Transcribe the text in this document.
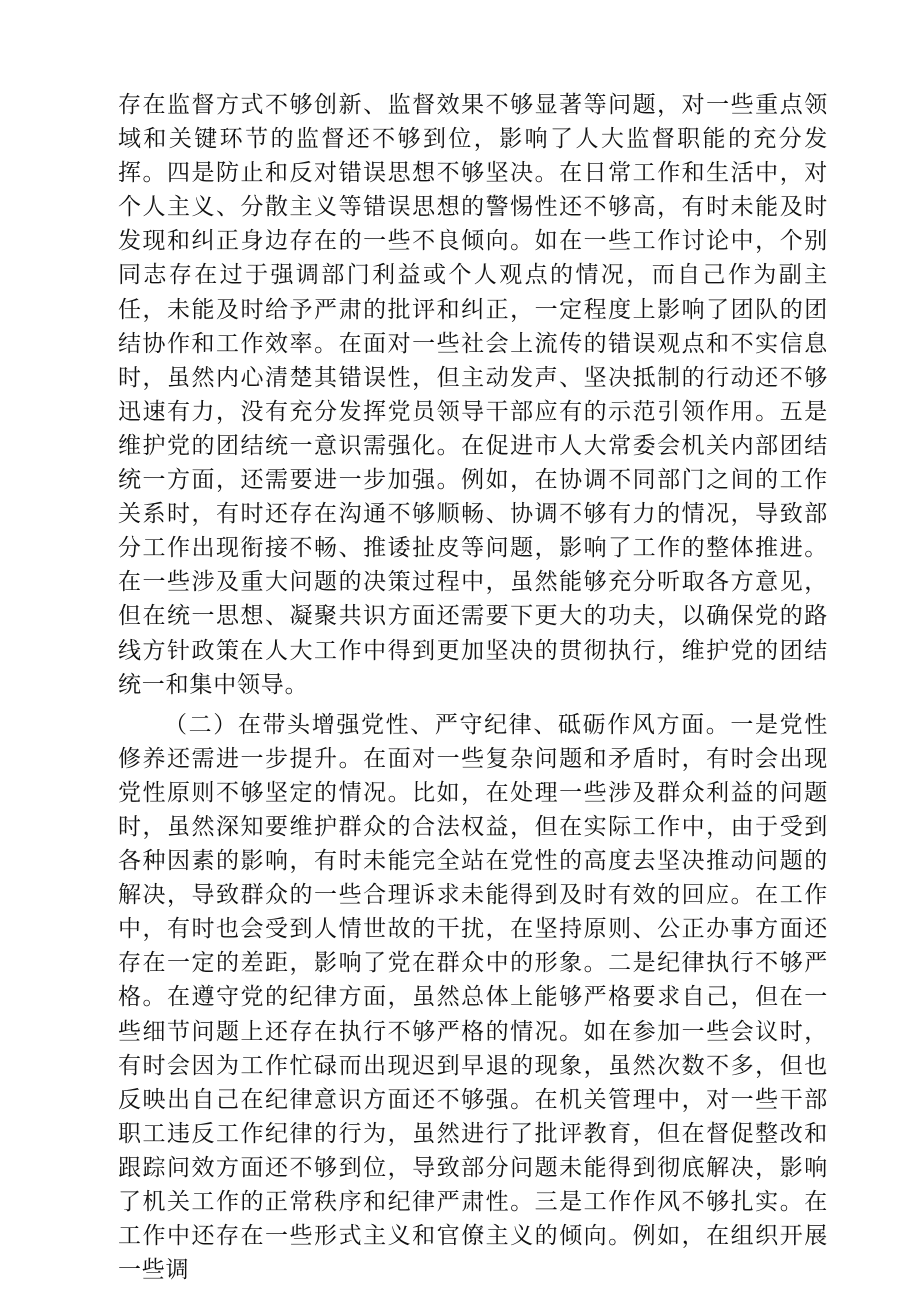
存在监督方式不够创新、监督效果不够显著等问题，对一些重点领域和关键环节的监督还不够到位，影响了人大监督职能的充分发挥。四是防止和反对错误思想不够坚决。在日常工作和生活中，对个人主义、分散主义等错误思想的警惕性还不够高，有时未能及时发现和纠正身边存在的一些不良倾向。如在一些工作讨论中，个别同志存在过于强调部门利益或个人观点的情况，而自己作为副主任，未能及时给予严肃的批评和纠正，一定程度上影响了团队的团结协作和工作效率。在面对一些社会上流传的错误观点和不实信息时，虽然内心清楚其错误性，但主动发声、坚决抵制的行动还不够迅速有力，没有充分发挥党员领导干部应有的示范引领作用。五是维护党的团结统一意识需强化。在促进市人大常委会机关内部团结统一方面，还需要进一步加强。例如，在协调不同部门之间的工作关系时，有时还存在沟通不够顺畅、协调不够有力的情况，导致部分工作出现衔接不畅、推诿扯皮等问题，影响了工作的整体推进。在一些涉及重大问题的决策过程中，虽然能够充分听取各方意见，但在统一思想、凝聚共识方面还需要下更大的功夫，以确保党的路线方针政策在人大工作中得到更加坚决的贯彻执行，维护党的团结统一和集中领导。

（二）在带头增强党性、严守纪律、砥砺作风方面。一是党性修养还需进一步提升。在面对一些复杂问题和矛盾时，有时会出现党性原则不够坚定的情况。比如，在处理一些涉及群众利益的问题时，虽然深知要维护群众的合法权益，但在实际工作中，由于受到各种因素的影响，有时未能完全站在党性的高度去坚决推动问题的解决，导致群众的一些合理诉求未能得到及时有效的回应。在工作中，有时也会受到人情世故的干扰，在坚持原则、公正办事方面还存在一定的差距，影响了党在群众中的形象。二是纪律执行不够严格。在遵守党的纪律方面，虽然总体上能够严格要求自己，但在一些细节问题上还存在执行不够严格的情况。如在参加一些会议时，有时会因为工作忙碌而出现迟到早退的现象，虽然次数不多，但也反映出自己在纪律意识方面还不够强。在机关管理中，对一些干部职工违反工作纪律的行为，虽然进行了批评教育，但在督促整改和跟踪问效方面还不够到位，导致部分问题未能得到彻底解决，影响了机关工作的正常秩序和纪律严肃性。三是工作作风不够扎实。在工作中还存在一些形式主义和官僚主义的倾向。例如，在组织开展一些调
